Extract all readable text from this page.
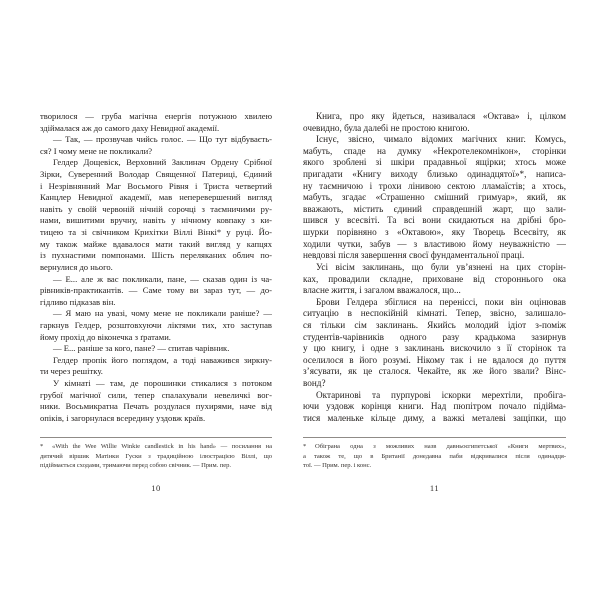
творилося — груба магічна енергія потужною хвилею
здіймалася аж до самого даху Невидної академії.
— Так, — прозвучав чийсь голос. — Що тут відбуваєть-
ся? І чому мене не покликали?
Гелдер Дощевіск, Верховний Заклинач Ордену Срібної
Зірки, Суверенний Володар Священної Патериці, Єдиний
і Незрівнянний Маг Восьмого Рівня і Триста четвертий
Канцлер Невидної академії, мав неперевершений вигляд
навіть у своїй червоній нічній сорочці з таємничими ру-
нами, вишитими вручну, навіть у нічному ковпаку з ки-
тицею та зі свічником Крихітки Віллі Вінкі* у руці. Йо-
му також майже вдавалося мати такий вигляд у капцях
із пухнастими помпонами. Шість переляканих облич по-
вернулися до нього.
— Е... але ж вас покликали, пане, — сказав один із ча-
рівників-практикантів. — Саме тому ви зараз тут, — до-
гідливо підказав він.
— Я маю на увазі, чому мене не покликали раніше? —
гаркнув Гелдер, розштовхуючи ліктями тих, хто заступав
йому прохід до віконечка з ґратами.
— Е... раніше за кого, пане? — спитав чарівник.
Гелдер пропік його поглядом, а тоді наважився зиркну-
ти через решітку.
У кімнаті — там, де порошинки стикалися з потоком
грубої магічної сили, тепер спалахували невеличкі вог-
ники. Восьмикратна Печать роздулася пухирями, наче від
опіків, і загорнулася всередину уздовж країв.
Книга, про яку йдеться, називалася «Октава» і, цілком
очевидно, була далебі не простою книгою.
Існує, звісно, чимало відомих магічних книг. Комусь,
мабуть, спаде на думку «Некротелекомнікон», сторінки
якого зроблені зі шкіри прадавньої ящірки; хтось може
пригадати «Книгу виходу близько одинадцятої»*, написа-
ну таємничою і трохи лінивою сектою лламаїстів; а хтось,
мабуть, згадає «Страшенно смішний гримуар», який, як
вважають, містить єдиний справдешній жарт, що зали-
шився у всесвіті. Та всі вони скидаються на дрібні бро-
шурки порівняно з «Октавою», яку Творець Всесвіту, як
ходили чутки, забув — з властивою йому неуважністю —
невдовзі після завершення своєї фундаментальної праці.
Усі вісім заклинань, що були ув’язнені на цих сторін-
ках, провадили складне, приховане від стороннього ока
власне життя, і загалом вважалося, що...
Брови Гелдера збіглися на переніссі, поки він оцінював
ситуацію в неспокійній кімнаті. Тепер, звісно, залишало-
ся тільки сім заклинань. Якийсь молодий ідіот з-поміж
студентів-чарівників одного разу крадькома зазирнув
у цю книгу, і одне з заклинань вискочило з її сторінок та
оселилося в його розумі. Нікому так і не вдалося до пуття
з’ясувати, як це сталося. Чекайте, як же його звали? Вінс-
вонд?
Октаринові та пурпурові іскорки мерехтіли, пробіга-
ючи уздовж корінця книги. Над пюпітром почало підійма-
тися маленьке кільце диму, а важкі металеві защіпки, що
* «With the Wee Willie Winkie candlestick in his hand» — посилання на
дитячий віршик Матінки Гуски з традиційною ілюстрацією Віллі, що
підіймається сходами, тримаючи перед собою свічник. — Прим. пер.
* Обіграна одна з можливих назв давньоєгипетської «Книги мертвих»,
а також те, що в Британії донедавна паби відкривалися після одинадця-
тої. — Прим. пер. і конс.
10	11
